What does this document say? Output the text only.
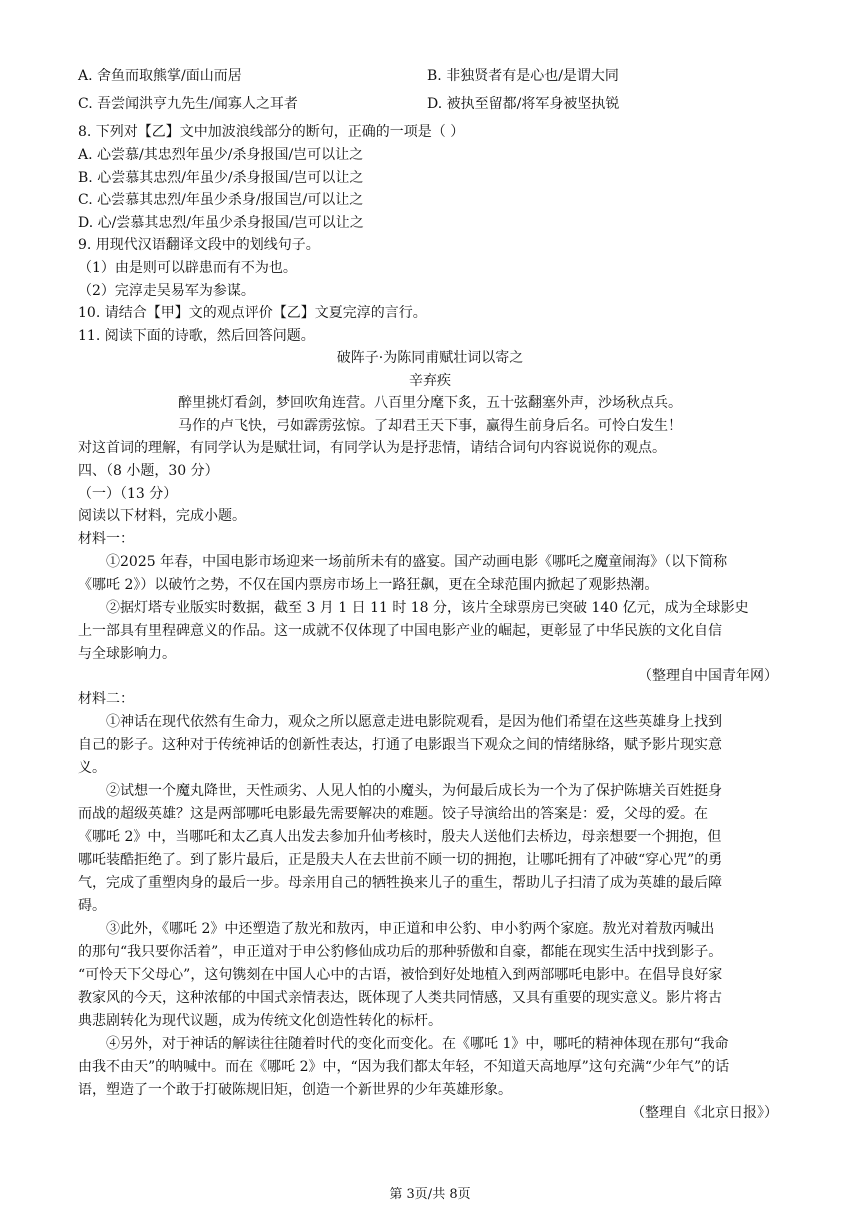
A. 舍鱼而取熊掌/面山而居	B. 非独贤者有是心也/是谓大同
C. 吾尝闻洪亨九先生/闻寡人之耳者	D. 被执至留都/将军身被坚执锐
8. 下列对【乙】文中加波浪线部分的断句，正确的一项是（ ）
A. 心尝慕/其忠烈年虽少/杀身报国/岂可以让之
B. 心尝慕其忠烈/年虽少/杀身报国/岂可以让之
C. 心尝慕其忠烈/年虽少杀身/报国岂/可以让之
D. 心/尝慕其忠烈/年虽少杀身报国/岂可以让之
9. 用现代汉语翻译文段中的划线句子。
（1）由是则可以辟患而有不为也。
（2）完淳走吴易军为参谋。
10. 请结合【甲】文的观点评价【乙】文夏完淳的言行。
11. 阅读下面的诗歌，然后回答问题。
破阵子·为陈同甫赋壮词以寄之
辛弃疾
醉里挑灯看剑，梦回吹角连营。八百里分麾下炙，五十弦翻塞外声，沙场秋点兵。
马作的卢飞快，弓如霹雳弦惊。了却君王天下事，赢得生前身后名。可怜白发生！
对这首词的理解，有同学认为是赋壮词，有同学认为是抒悲情，请结合词句内容说说你的观点。
四、（8 小题，30 分）
（一）（13 分）
阅读以下材料，完成小题。
材料一：
①2025 年春，中国电影市场迎来一场前所未有的盛宴。国产动画电影《哪吒之魔童闹海》（以下简称
《哪吒 2》）以破竹之势，不仅在国内票房市场上一路狂飙，更在全球范围内掀起了观影热潮。
②据灯塔专业版实时数据，截至 3 月 1 日 11 时 18 分，该片全球票房已突破 140 亿元，成为全球影史
上一部具有里程碑意义的作品。这一成就不仅体现了中国电影产业的崛起，更彰显了中华民族的文化自信
与全球影响力。
（整理自中国青年网）
材料二：
①神话在现代依然有生命力，观众之所以愿意走进电影院观看，是因为他们希望在这些英雄身上找到
自己的影子。这种对于传统神话的创新性表达，打通了电影跟当下观众之间的情绪脉络，赋予影片现实意
义。
②试想一个魔丸降世，天性顽劣、人见人怕的小魔头，为何最后成长为一个为了保护陈塘关百姓挺身
而战的超级英雄？这是两部哪吒电影最先需要解决的难题。饺子导演给出的答案是：爱，父母的爱。在
《哪吒 2》中，当哪吒和太乙真人出发去参加升仙考核时，殷夫人送他们去桥边，母亲想要一个拥抱，但
哪吒装酷拒绝了。到了影片最后，正是殷夫人在去世前不顾一切的拥抱，让哪吒拥有了冲破“穿心咒”的勇
气，完成了重塑肉身的最后一步。母亲用自己的牺牲换来儿子的重生，帮助儿子扫清了成为英雄的最后障
碍。
③此外，《哪吒 2》中还塑造了敖光和敖丙，申正道和申公豹、申小豹两个家庭。敖光对着敖丙喊出
的那句“我只要你活着”，申正道对于申公豹修仙成功后的那种骄傲和自豪，都能在现实生活中找到影子。
“可怜天下父母心”，这句镌刻在中国人心中的古语，被恰到好处地植入到两部哪吒电影中。在倡导良好家
教家风的今天，这种浓郁的中国式亲情表达，既体现了人类共同情感，又具有重要的现实意义。影片将古
典悲剧转化为现代议题，成为传统文化创造性转化的标杆。
④另外，对于神话的解读往往随着时代的变化而变化。在《哪吒 1》中，哪吒的精神体现在那句“我命
由我不由天”的呐喊中。而在《哪吒 2》中，“因为我们都太年轻，不知道天高地厚”这句充满“少年气”的话
语，塑造了一个敢于打破陈规旧矩，创造一个新世界的少年英雄形象。
（整理自《北京日报》）
第 3页/共 8页
